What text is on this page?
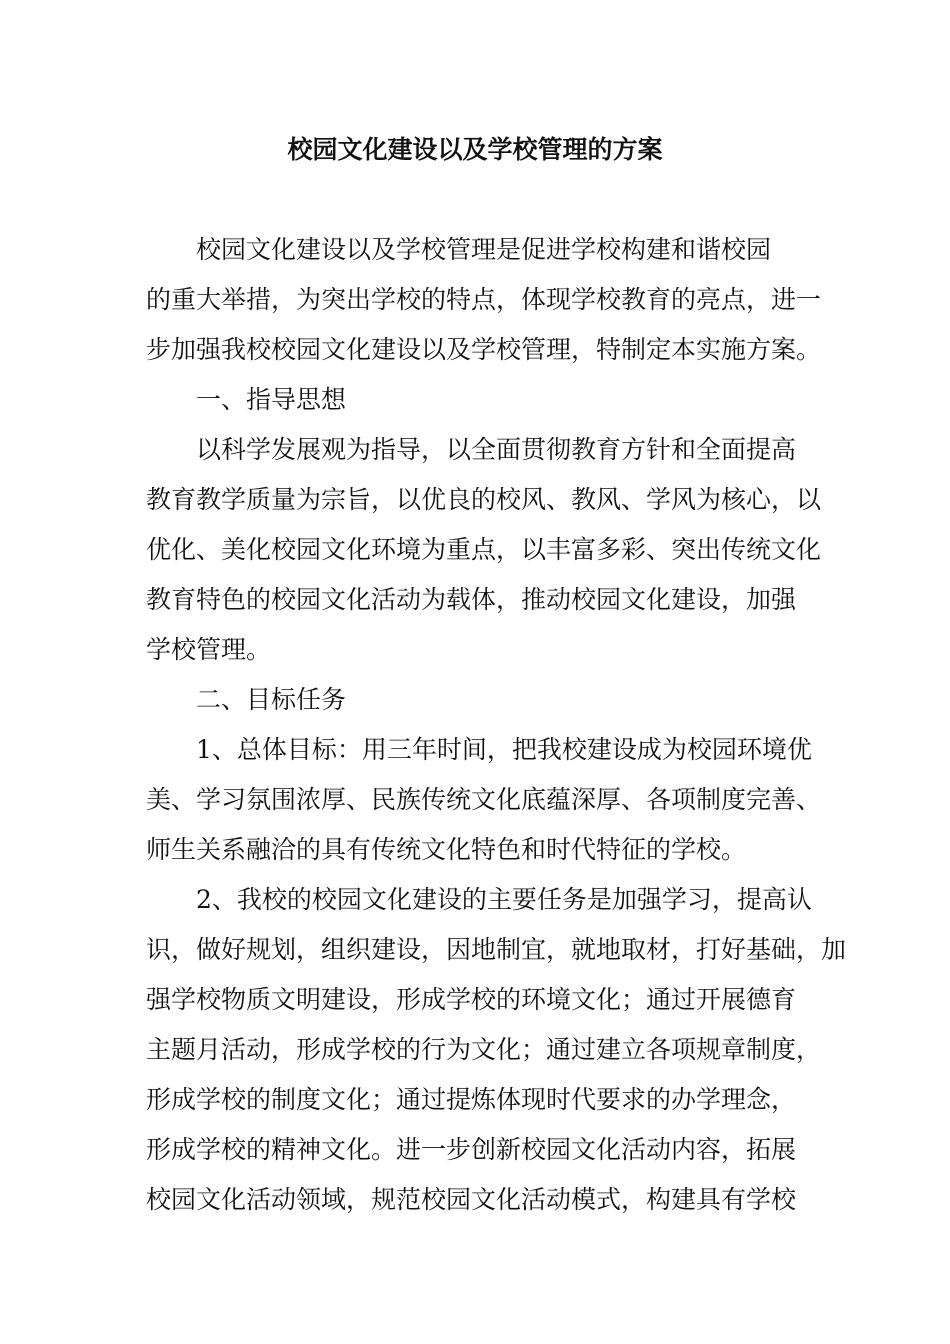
校园文化建设以及学校管理的方案

校园文化建设以及学校管理是促进学校构建和谐校园
的重大举措，为突出学校的特点，体现学校教育的亮点，进一
步加强我校校园文化建设以及学校管理，特制定本实施方案。

一、指导思想

以科学发展观为指导，以全面贯彻教育方针和全面提高
教育教学质量为宗旨，以优良的校风、教风、学风为核心，以
优化、美化校园文化环境为重点，以丰富多彩、突出传统文化
教育特色的校园文化活动为载体，推动校园文化建设，加强
学校管理。

二、目标任务

1、总体目标：用三年时间，把我校建设成为校园环境优
美、学习氛围浓厚、民族传统文化底蕴深厚、各项制度完善、
师生关系融洽的具有传统文化特色和时代特征的学校。

2、我校的校园文化建设的主要任务是加强学习，提高认
识，做好规划，组织建设，因地制宜，就地取材，打好基础，加
强学校物质文明建设，形成学校的环境文化；通过开展德育
主题月活动，形成学校的行为文化；通过建立各项规章制度，
形成学校的制度文化；通过提炼体现时代要求的办学理念，
形成学校的精神文化。进一步创新校园文化活动内容，拓展
校园文化活动领域，规范校园文化活动模式，构建具有学校
